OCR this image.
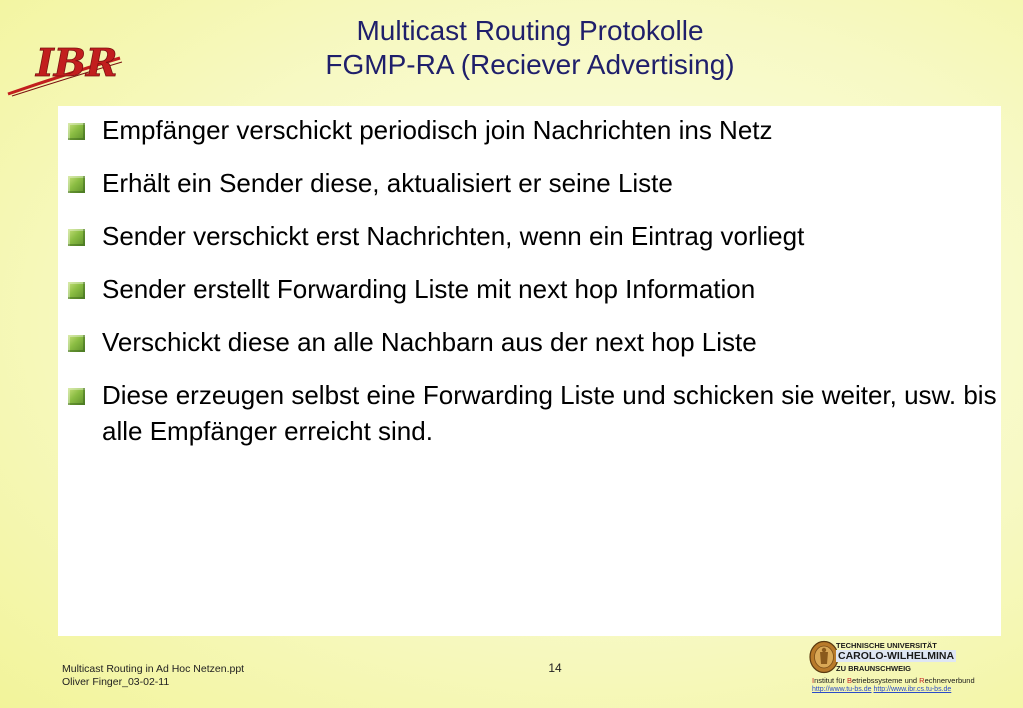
IBR
Multicast Routing Protokolle
FGMP-RA (Reciever Advertising)
Empfänger verschickt periodisch join Nachrichten ins Netz
Erhält ein Sender diese, aktualisiert er seine Liste
Sender verschickt erst Nachrichten, wenn ein Eintrag vorliegt
Sender erstellt Forwarding Liste mit next hop Information
Verschickt diese an alle Nachbarn aus der next hop Liste
Diese erzeugen selbst eine Forwarding Liste und schicken sie weiter, usw. bis alle Empfänger erreicht sind.
Multicast Routing in Ad Hoc Netzen.ppt
Oliver Finger_03-02-11
14
TECHNISCHE UNIVERSITÄT
CAROLO-WILHELMINA
ZU BRAUNSCHWEIG
Institut für Betriebssysteme und Rechnerverbund
http://www.tu-bs.de http://www.ibr.cs.tu-bs.de
